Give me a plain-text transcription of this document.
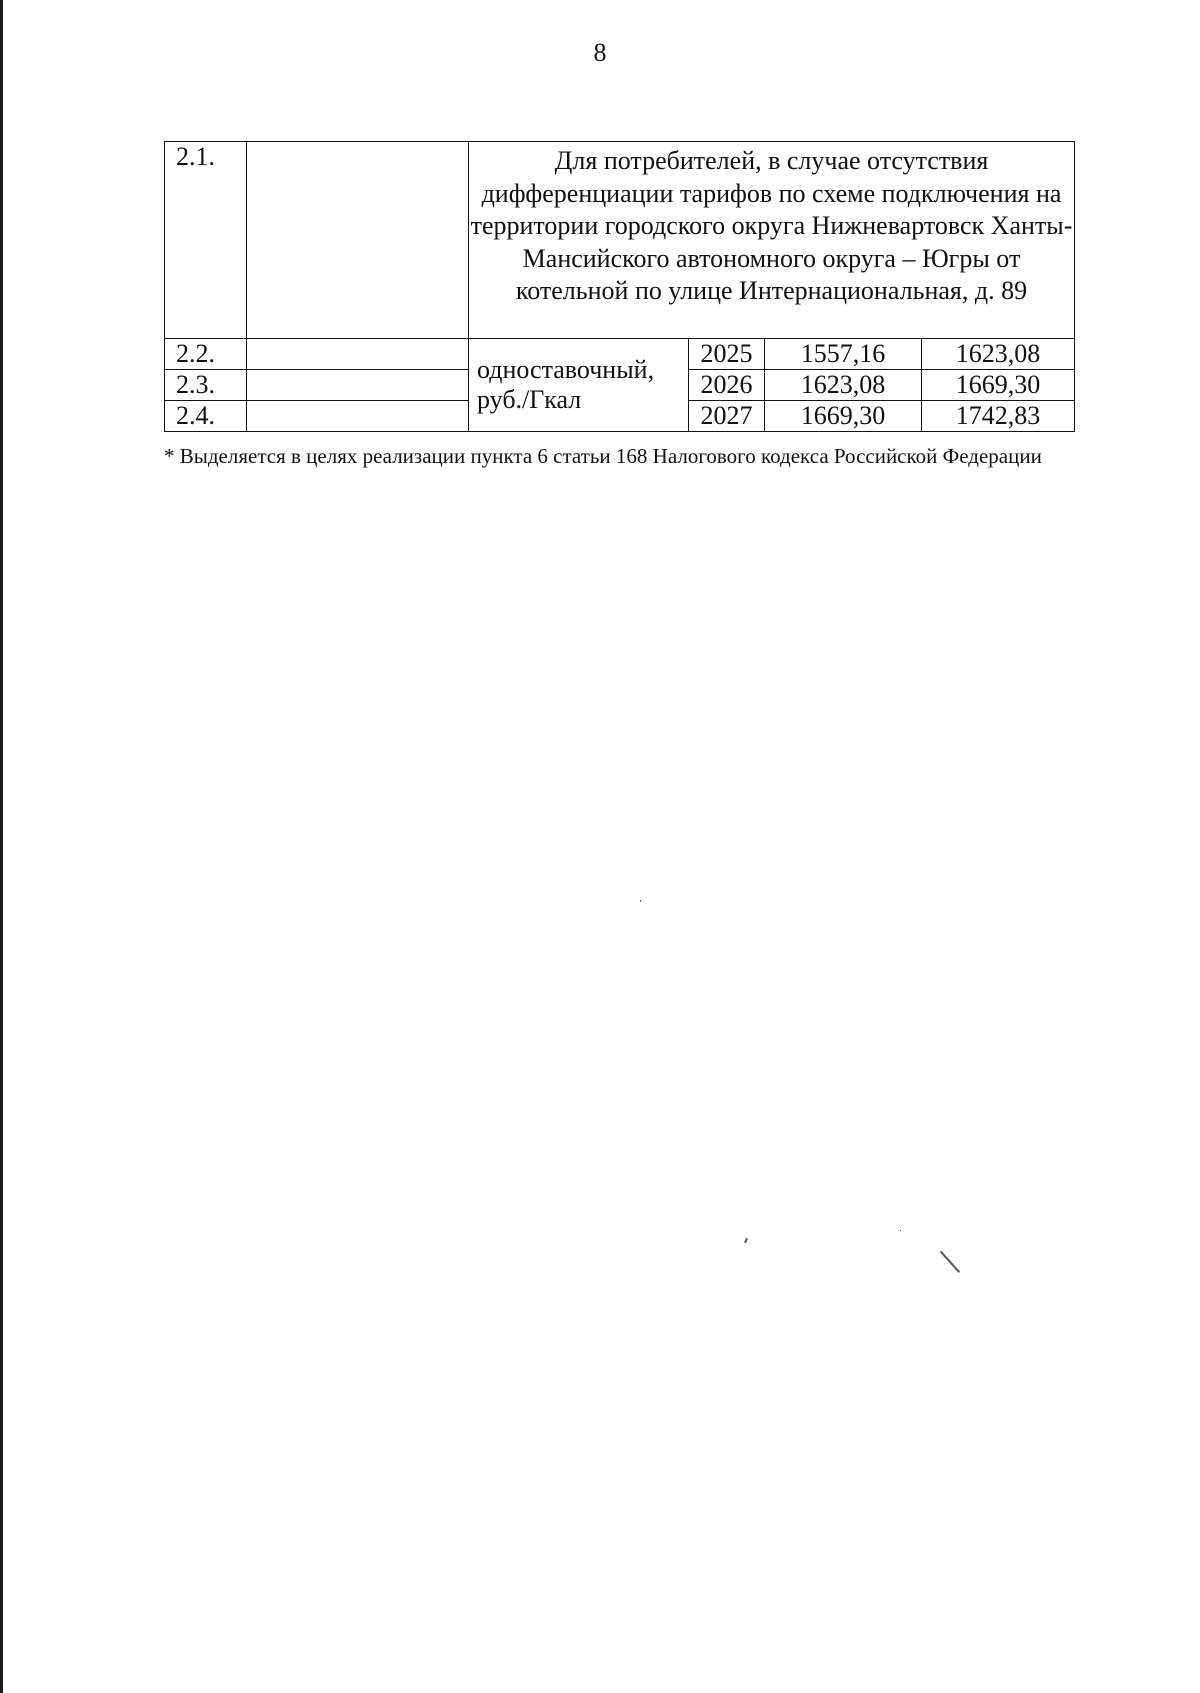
8
2.1.		Для потребителей, в случае отсутствия дифференциации тарифов по схеме подключения на территории городского округа Нижневартовск Ханты-Мансийского автономного округа – Югры от котельной по улице Интернациональная, д. 89			
2.2.		одноставочный, руб./Гкал	2025	1557,16	1623,08
2.3.			2026	1623,08	1669,30
2.4.			2027	1669,30	1742,83
* Выделяется в целях реализации пункта 6 статьи 168 Налогового кодекса Российской Федерации
